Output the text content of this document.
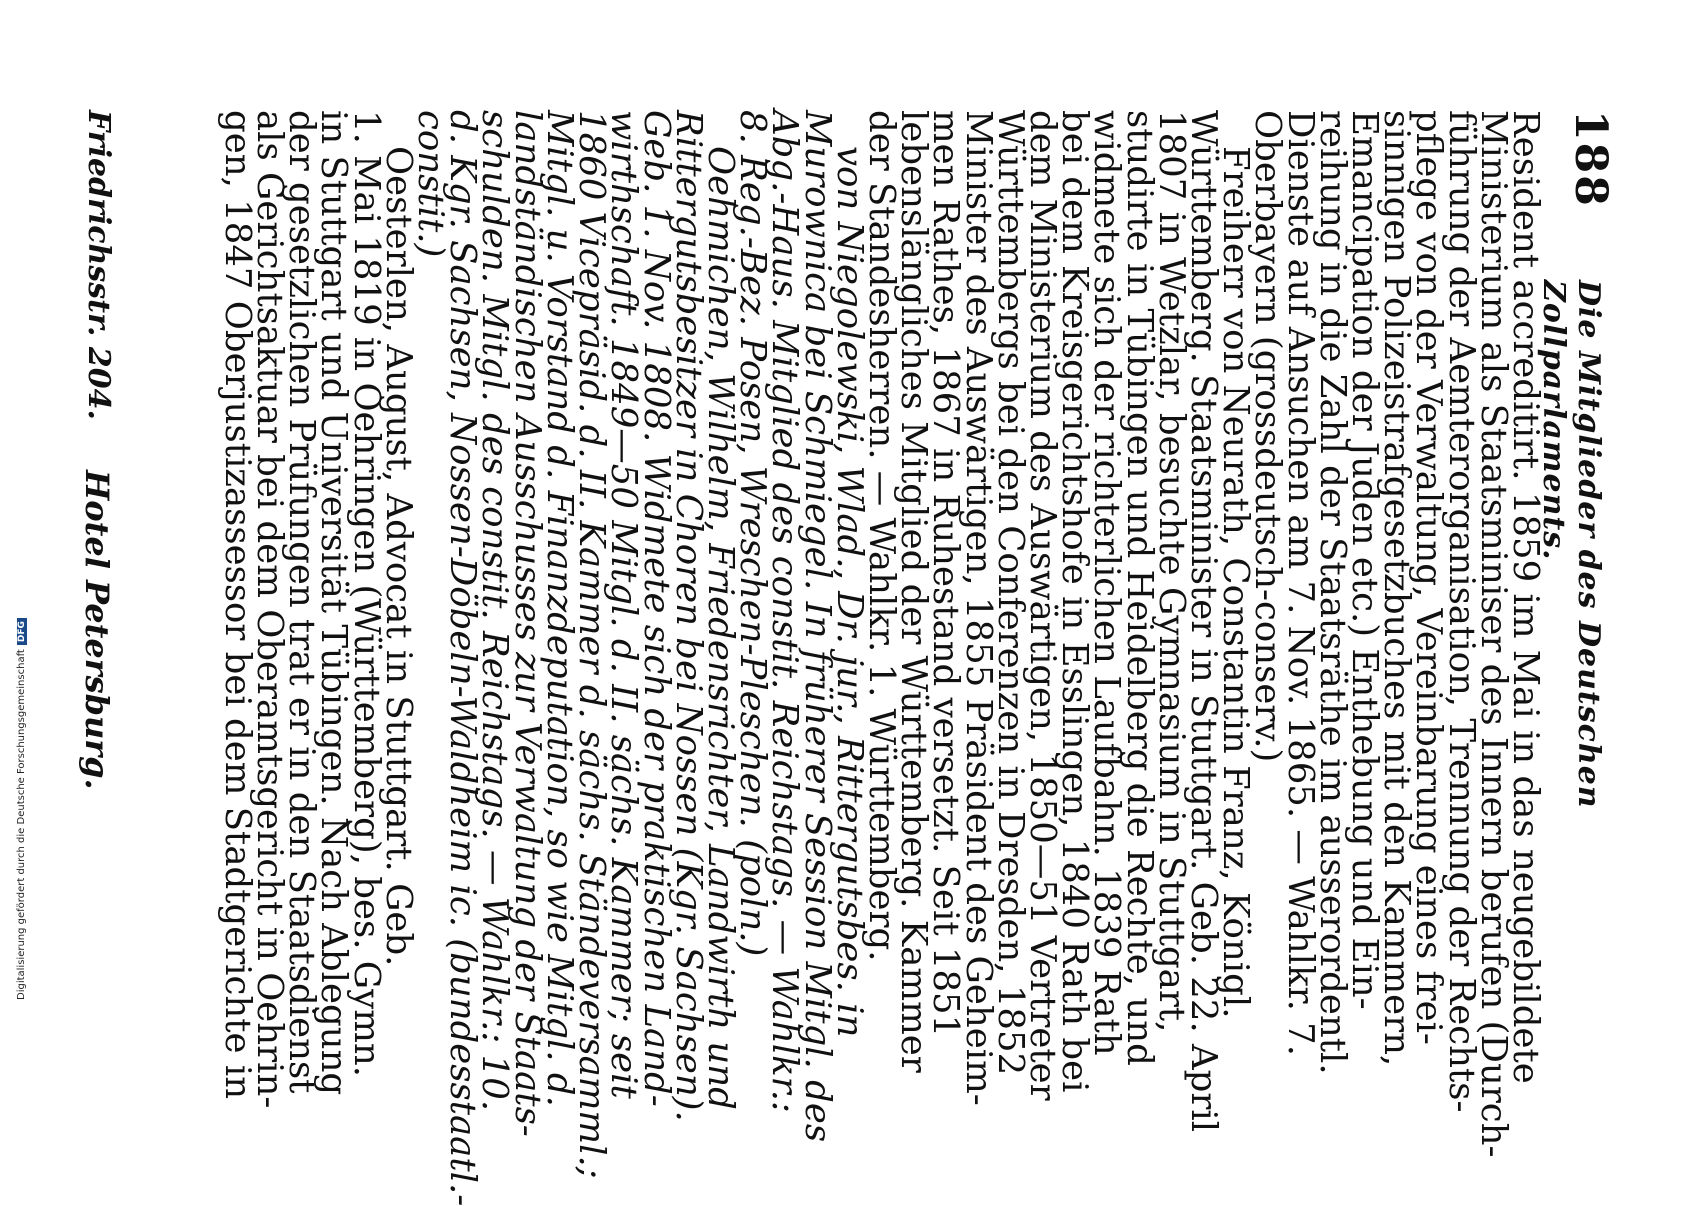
188
Die Mitglieder des Deutschen Zollparlaments.
Resident accreditirt. 1859 im Mai in das neugebildete
Ministerium als Staatsminiser des Innern berufen (Durch-
führung der Aemterorganisation, Trennung der Rechts-
pflege von der Verwaltung, Vereinbarung eines frei-
sinnigen Polizeistrafgesetzbuches mit den Kammern,
Emancipation der Juden etc.) Enthebung und Ein-
reihung in die Zahl der Staatsräthe im ausserordentl.
Dienste auf Ansuchen am 7. Nov. 1865. — Wahlkr. 7.
Oberbayern (grossdeutsch-conserv.)
Freiherr von Neurath, Constantin Franz, Königl.
Württemberg. Staatsminister in Stuttgart. Geb. 22. April
1807 in Wetzlar, besuchte Gymnasium in Stuttgart,
studirte in Tübingen und Heidelberg die Rechte, und
widmete sich der richterlichen Laufbahn. 1839 Rath
bei dem Kreisgerichtshofe in Esslingen, 1840 Rath bei
dem Ministerium des Auswärtigen, 1850—51 Vertreter
Württembergs bei den Conferenzen in Dresden, 1852
Minister des Auswärtigen, 1855 Präsident des Geheim-
men Rathes, 1867 in Ruhestand versetzt. Seit 1851
lebenslängliches Mitglied der Württemberg. Kammer
der Standesherren. — Wahlkr. 1. Württemberg.
von Niegolewski, Wlad., Dr. jur., Rittergutsbes. in
Murownica bei Schmiegel. In früherer Session Mitgl. des
Abg.-Haus. Mitglied des constit. Reichstags. — Wahlkr.:
8. Reg.-Bez. Posen, Wreschen-Pleschen. (poln.)
Oehmichen, Wilhelm, Friedensrichter, Landwirth und
Rittergutsbesitzer in Choren bei Nossen (Kgr. Sachsen).
Geb. 1. Nov. 1808. Widmete sich der praktischen Land-
wirthschaft. 1849—50 Mitgl. d. II. sächs. Kammer; seit
1860 Vicepräsid. d. II. Kammer d. sächs. Ständeversamml.;
Mitgl. u. Vorstand d. Finanzdeputation, so wie Mitgl. d.
landständischen Ausschusses zur Verwaltung der Staats-
schulden. Mitgl. des constit. Reichstags. — Wahlkr.: 10.
d. Kgr. Sachsen, Nossen-Döbeln-Waldheim ic. (bundesstaatl.-
constit.)
Oesterlen, August, Advocat in Stuttgart. Geb.
1. Mai 1819 in Oehringen (Württemberg), bes. Gymn.
in Stuttgart und Universität Tübingen. Nach Ablegung
der gesetzlichen Prüfungen trat er in den Staatsdienst
als Gerichtsaktuar bei dem Oberamtsgericht in Oehrin-
gen, 1847 Oberjustizassessor bei dem Stadtgerichte in
Friedrichsstr. 204.
Hotel Petersburg.
Digitalisierung gefördert durch die Deutsche ForschungsgemeinschaftDFG
